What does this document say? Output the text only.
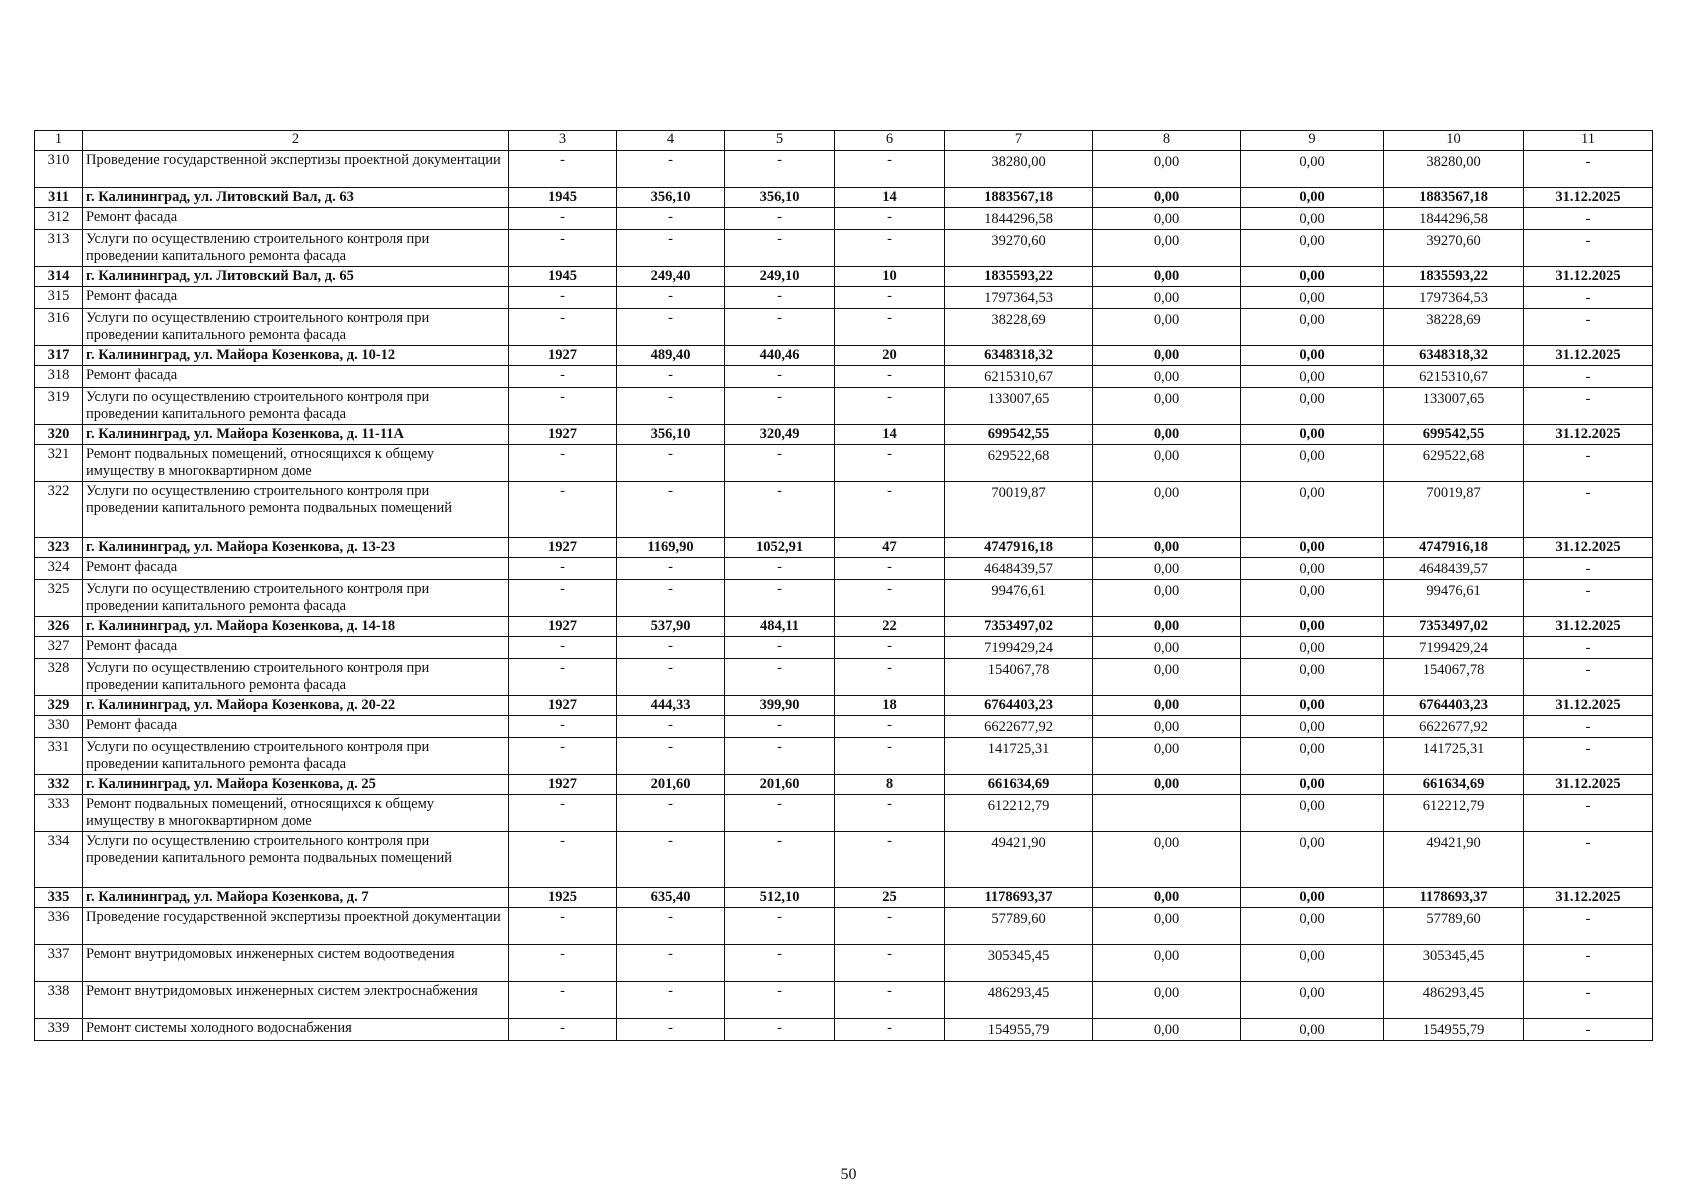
1	2	3	4	5	6	7	8	9	10	11
310	Проведение государственной экспертизы проектной документации	-	-	-	-	38280,00	0,00	0,00	38280,00	-
311	г. Калининград, ул. Литовский Вал, д. 63	1945	356,10	356,10	14	1883567,18	0,00	0,00	1883567,18	31.12.2025
312	Ремонт фасада	-	-	-	-	1844296,58	0,00	0,00	1844296,58	-
313	Услуги по осуществлению строительного контроля при проведении капитального ремонта фасада	-	-	-	-	39270,60	0,00	0,00	39270,60	-
314	г. Калининград, ул. Литовский Вал, д. 65	1945	249,40	249,10	10	1835593,22	0,00	0,00	1835593,22	31.12.2025
315	Ремонт фасада	-	-	-	-	1797364,53	0,00	0,00	1797364,53	-
316	Услуги по осуществлению строительного контроля при проведении капитального ремонта фасада	-	-	-	-	38228,69	0,00	0,00	38228,69	-
317	г. Калининград, ул. Майора Козенкова, д. 10-12	1927	489,40	440,46	20	6348318,32	0,00	0,00	6348318,32	31.12.2025
318	Ремонт фасада	-	-	-	-	6215310,67	0,00	0,00	6215310,67	-
319	Услуги по осуществлению строительного контроля при проведении капитального ремонта фасада	-	-	-	-	133007,65	0,00	0,00	133007,65	-
320	г. Калининград, ул. Майора Козенкова, д. 11-11А	1927	356,10	320,49	14	699542,55	0,00	0,00	699542,55	31.12.2025
321	Ремонт подвальных помещений, относящихся к общему имуществу в многоквартирном доме	-	-	-	-	629522,68	0,00	0,00	629522,68	-
322	Услуги по осуществлению строительного контроля при проведении капитального ремонта подвальных помещений	-	-	-	-	70019,87	0,00	0,00	70019,87	-
323	г. Калининград, ул. Майора Козенкова, д. 13-23	1927	1169,90	1052,91	47	4747916,18	0,00	0,00	4747916,18	31.12.2025
324	Ремонт фасада	-	-	-	-	4648439,57	0,00	0,00	4648439,57	-
325	Услуги по осуществлению строительного контроля при проведении капитального ремонта фасада	-	-	-	-	99476,61	0,00	0,00	99476,61	-
326	г. Калининград, ул. Майора Козенкова, д. 14-18	1927	537,90	484,11	22	7353497,02	0,00	0,00	7353497,02	31.12.2025
327	Ремонт фасада	-	-	-	-	7199429,24	0,00	0,00	7199429,24	-
328	Услуги по осуществлению строительного контроля при проведении капитального ремонта фасада	-	-	-	-	154067,78	0,00	0,00	154067,78	-
329	г. Калининград, ул. Майора Козенкова, д. 20-22	1927	444,33	399,90	18	6764403,23	0,00	0,00	6764403,23	31.12.2025
330	Ремонт фасада	-	-	-	-	6622677,92	0,00	0,00	6622677,92	-
331	Услуги по осуществлению строительного контроля при проведении капитального ремонта фасада	-	-	-	-	141725,31	0,00	0,00	141725,31	-
332	г. Калининград, ул. Майора Козенкова, д. 25	1927	201,60	201,60	8	661634,69	0,00	0,00	661634,69	31.12.2025
333	Ремонт подвальных помещений, относящихся к общему имуществу в многоквартирном доме	-	-	-	-	612212,79		0,00	612212,79	-
334	Услуги по осуществлению строительного контроля при проведении капитального ремонта подвальных помещений	-	-	-	-	49421,90	0,00	0,00	49421,90	-
335	г. Калининград, ул. Майора Козенкова, д. 7	1925	635,40	512,10	25	1178693,37	0,00	0,00	1178693,37	31.12.2025
336	Проведение государственной экспертизы проектной документации	-	-	-	-	57789,60	0,00	0,00	57789,60	-
337	Ремонт внутридомовых инженерных систем водоотведения	-	-	-	-	305345,45	0,00	0,00	305345,45	-
338	Ремонт внутридомовых инженерных систем электроснабжения	-	-	-	-	486293,45	0,00	0,00	486293,45	-
339	Ремонт системы холодного водоснабжения	-	-	-	-	154955,79	0,00	0,00	154955,79	-
50
